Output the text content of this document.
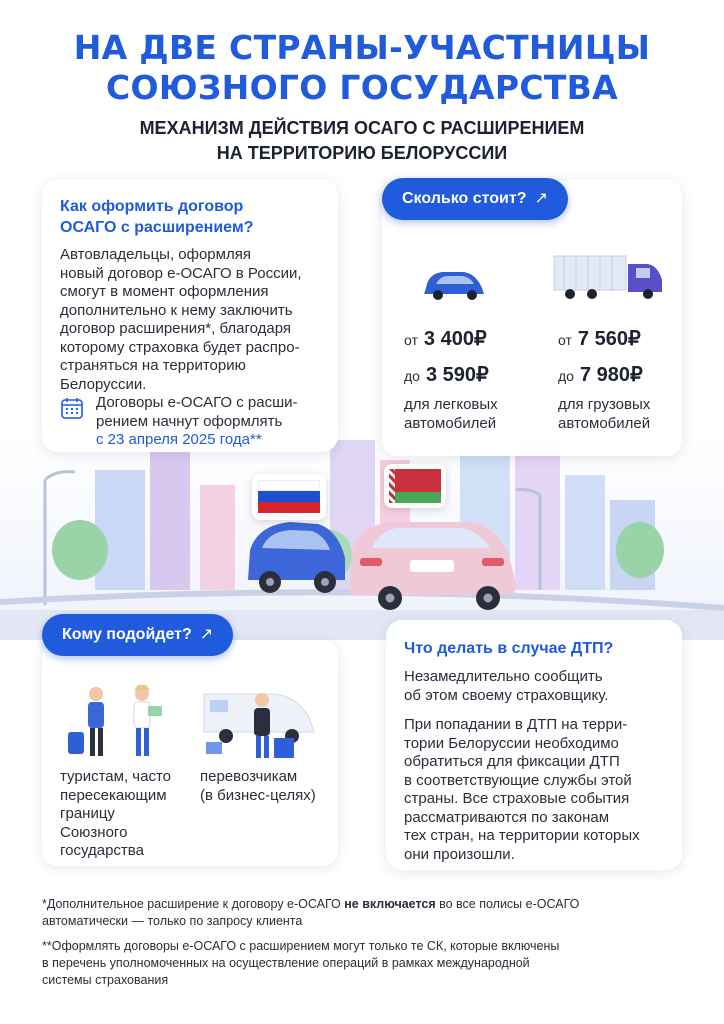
НА ДВЕ СТРАНЫ-УЧАСТНИЦЫ
СОЮЗНОГО ГОСУДАРСТВА
МЕХАНИЗМ ДЕЙСТВИЯ ОСАГО С РАСШИРЕНИЕМ
НА ТЕРРИТОРИЮ БЕЛОРУССИИ
Как оформить договор
ОСАГО с расширением?
Автовладельцы, оформляя
новый договор е-ОСАГО в России,
смогут в момент оформления
дополнительно к нему заключить
договор расширения*, благодаря
которому страховка будет распро-
страняться на территорию
Белоруссии.
Договоры е-ОСАГО с расши-
рением начнут оформлять
с 23 апреля 2025 года**
Сколько стоит? ↗
от 3 400₽
до 3 590₽
для легковых
автомобилей
от 7 560₽
до 7 980₽
для грузовых
автомобилей
Кому подойдет? ↗
туристам, часто
пересекающим
границу
Союзного
государства
перевозчикам
(в бизнес-целях)
Что делать в случае ДТП?
Незамедлительно сообщить
об этом своему страховщику.
При попадании в ДТП на терри-
тории Белоруссии необходимо
обратиться для фиксации ДТП
в соответствующие службы этой
страны. Все страховые события
рассматриваются по законам
тех стран, на территории которых
они произошли.
*Дополнительное расширение к договору е-ОСАГО не включается во все полисы е-ОСАГО
автоматически — только по запросу клиента
**Оформлять договоры е-ОСАГО с расширением могут только те СК, которые включены
в перечень уполномоченных на осуществление операций в рамках международной
системы страхования
